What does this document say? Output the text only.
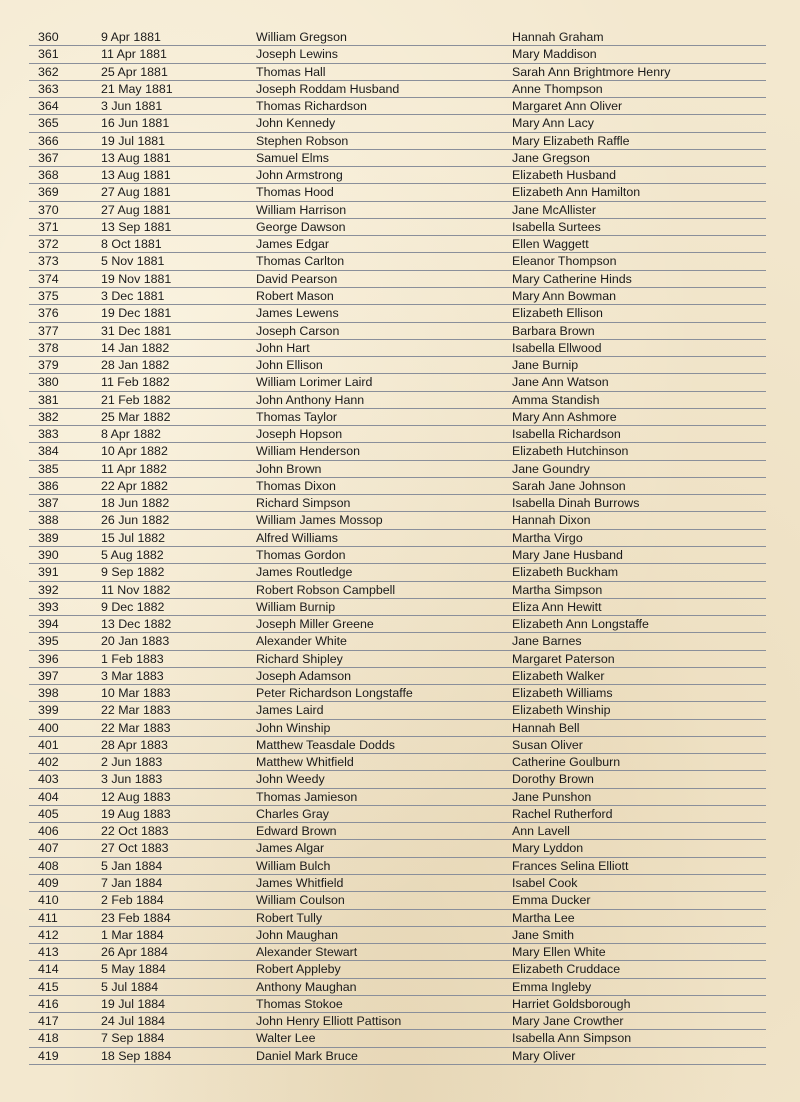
360	9 Apr 1881	William Gregson	Hannah Graham
361	11 Apr 1881	Joseph Lewins	Mary Maddison
362	25 Apr 1881	Thomas Hall	Sarah Ann Brightmore Henry
363	21 May 1881	Joseph Roddam Husband	Anne Thompson
364	3 Jun 1881	Thomas Richardson	Margaret Ann Oliver
365	16 Jun 1881	John Kennedy	Mary Ann Lacy
366	19 Jul 1881	Stephen Robson	Mary Elizabeth Raffle
367	13 Aug 1881	Samuel Elms	Jane Gregson
368	13 Aug 1881	John Armstrong	Elizabeth Husband
369	27 Aug 1881	Thomas Hood	Elizabeth Ann Hamilton
370	27 Aug 1881	William Harrison	Jane McAllister
371	13 Sep 1881	George Dawson	Isabella Surtees
372	8 Oct 1881	James Edgar	Ellen Waggett
373	5 Nov 1881	Thomas Carlton	Eleanor Thompson
374	19 Nov 1881	David Pearson	Mary Catherine Hinds
375	3 Dec 1881	Robert Mason	Mary Ann Bowman
376	19 Dec 1881	James Lewens	Elizabeth Ellison
377	31 Dec 1881	Joseph Carson	Barbara Brown
378	14 Jan 1882	John Hart	Isabella Ellwood
379	28 Jan 1882	John Ellison	Jane Burnip
380	11 Feb 1882	William Lorimer Laird	Jane Ann Watson
381	21 Feb 1882	John Anthony Hann	Amma Standish
382	25 Mar 1882	Thomas Taylor	Mary Ann Ashmore
383	8 Apr 1882	Joseph Hopson	Isabella Richardson
384	10 Apr 1882	William Henderson	Elizabeth Hutchinson
385	11 Apr 1882	John Brown	Jane Goundry
386	22 Apr 1882	Thomas Dixon	Sarah Jane Johnson
387	18 Jun 1882	Richard Simpson	Isabella Dinah Burrows
388	26 Jun 1882	William James Mossop	Hannah Dixon
389	15 Jul 1882	Alfred Williams	Martha Virgo
390	5 Aug 1882	Thomas Gordon	Mary Jane Husband
391	9 Sep 1882	James Routledge	Elizabeth Buckham
392	11 Nov 1882	Robert Robson Campbell	Martha Simpson
393	9 Dec 1882	William Burnip	Eliza Ann Hewitt
394	13 Dec 1882	Joseph Miller Greene	Elizabeth Ann Longstaffe
395	20 Jan 1883	Alexander White	Jane Barnes
396	1 Feb 1883	Richard Shipley	Margaret Paterson
397	3 Mar 1883	Joseph Adamson	Elizabeth Walker
398	10 Mar 1883	Peter Richardson Longstaffe	Elizabeth Williams
399	22 Mar 1883	James Laird	Elizabeth Winship
400	22 Mar 1883	John Winship	Hannah Bell
401	28 Apr 1883	Matthew Teasdale Dodds	Susan Oliver
402	2 Jun 1883	Matthew Whitfield	Catherine Goulburn
403	3 Jun 1883	John Weedy	Dorothy Brown
404	12 Aug 1883	Thomas Jamieson	Jane Punshon
405	19 Aug 1883	Charles Gray	Rachel Rutherford
406	22 Oct 1883	Edward Brown	Ann Lavell
407	27 Oct 1883	James Algar	Mary Lyddon
408	5 Jan 1884	William Bulch	Frances Selina Elliott
409	7 Jan 1884	James Whitfield	Isabel Cook
410	2 Feb 1884	William Coulson	Emma Ducker
411	23 Feb 1884	Robert Tully	Martha Lee
412	1 Mar 1884	John Maughan	Jane Smith
413	26 Apr 1884	Alexander Stewart	Mary Ellen White
414	5 May 1884	Robert Appleby	Elizabeth Cruddace
415	5 Jul 1884	Anthony Maughan	Emma Ingleby
416	19 Jul 1884	Thomas Stokoe	Harriet Goldsborough
417	24 Jul 1884	John Henry Elliott Pattison	Mary Jane Crowther
418	7 Sep 1884	Walter Lee	Isabella Ann Simpson
419	18 Sep 1884	Daniel Mark Bruce	Mary Oliver
